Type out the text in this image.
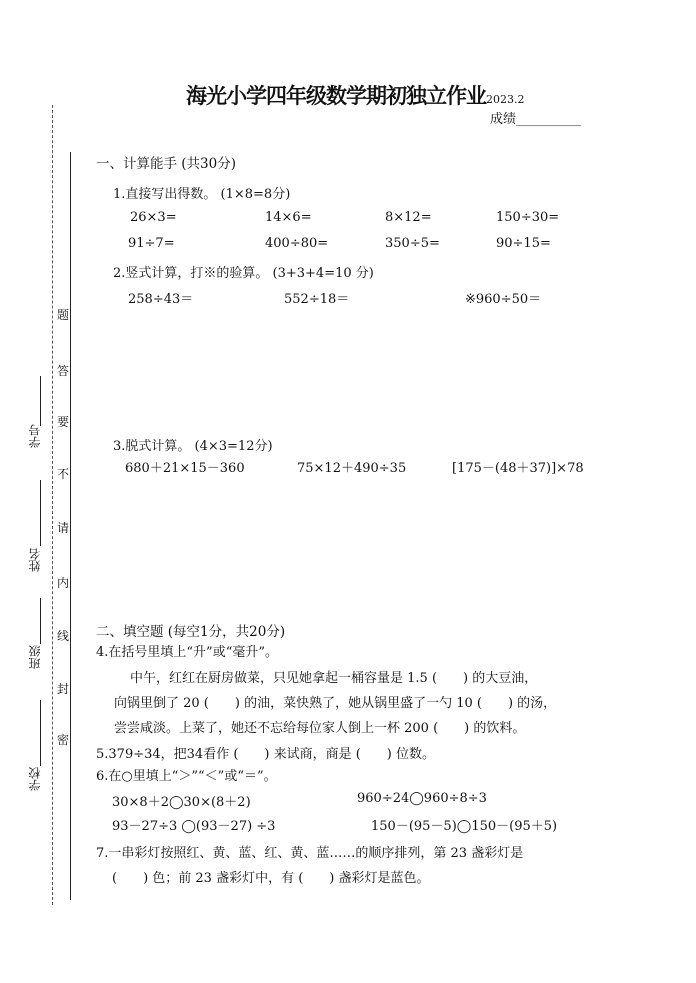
学号
姓名
班级
学校
题
答
要
不
请
内
线
封
密
海光小学四年级数学期初独立作业2023.2
成绩__________
一、计算能手 (共30分)
1.直接写出得数。 (1×8=8分)
26×3=	14×6=	8×12=	150÷30=
91÷7=	400÷80=	350÷5=	90÷15=
2.竖式计算，打※的验算。 (3+3+4=10 分)
258÷43＝	552÷18＝	※960÷50＝
3.脱式计算。 (4×3=12分)
680＋21×15－360	75×12＋490÷35	[175－(48＋37)]×78
二、填空题 (每空1分，共20分)
4.在括号里填上“升”或“毫升”。
中午，红红在厨房做菜，只见她拿起一桶容量是 1.5 (　　) 的大豆油，
向锅里倒了 20 (　　) 的油，菜快熟了，她从锅里盛了一勺 10 (　　) 的汤，
尝尝咸淡。上菜了，她还不忘给每位家人倒上一杯 200 (　　) 的饮料。
5.379÷34，把34看作 (　　) 来试商，商是 (　　) 位数。
6.在○里填上“＞”“＜”或“＝”。
30×8＋2◯30×(8＋2)	960÷24◯960÷8÷3
93－27÷3 ◯(93－27) ÷3	150－(95－5)◯150－(95＋5)
7.一串彩灯按照红、黄、蓝、红、黄、蓝……的顺序排列，第 23 盏彩灯是
(　　) 色；前 23 盏彩灯中，有 (　　) 盏彩灯是蓝色。
